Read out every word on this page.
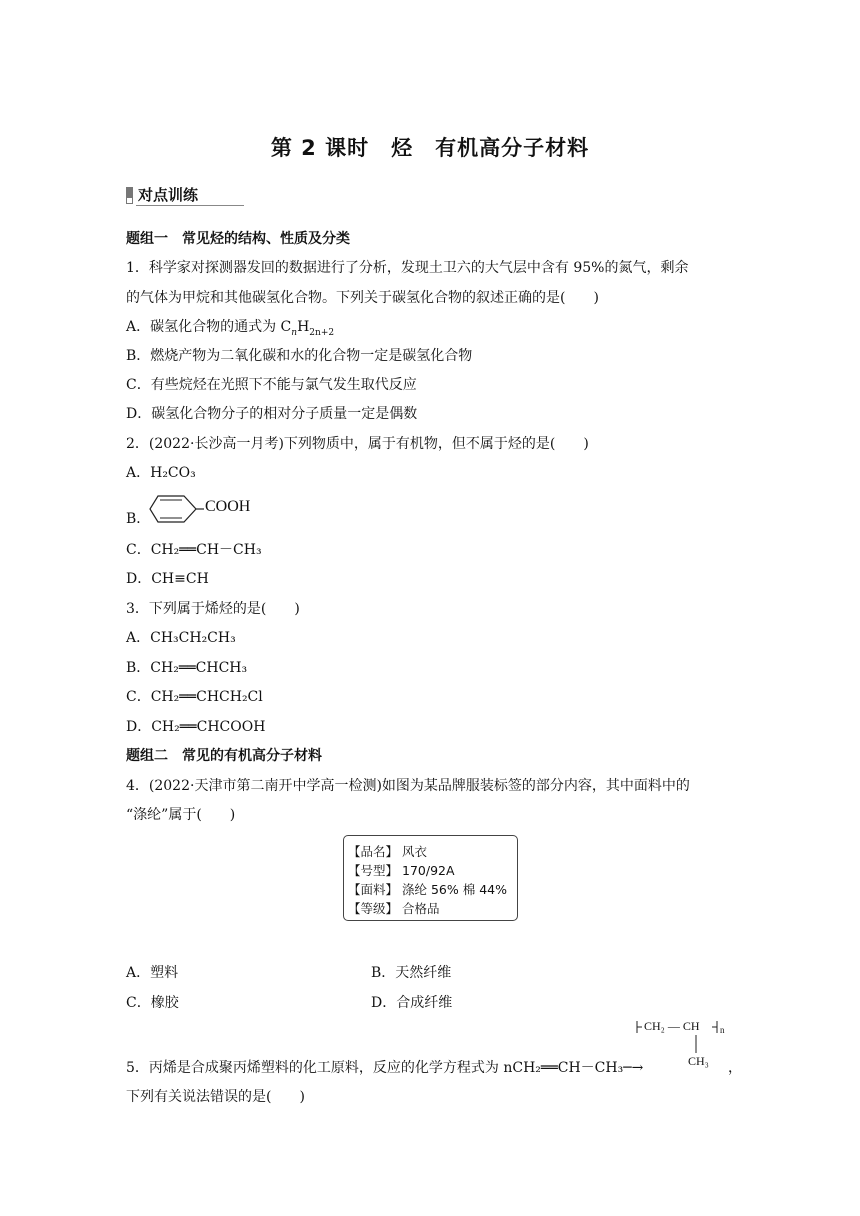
第 2 课时　烃　有机高分子材料
对点训练
题组一　常见烃的结构、性质及分类
1．科学家对探测器发回的数据进行了分析，发现土卫六的大气层中含有 95%的氮气，剩余
的气体为甲烷和其他碳氢化合物。下列关于碳氢化合物的叙述正确的是(　　)
A．碳氢化合物的通式为 $C_nH_{2n+2}$
B．燃烧产物为二氧化碳和水的化合物一定是碳氢化合物
C．有些烷烃在光照下不能与氯气发生取代反应
D．碳氢化合物分子的相对分子质量一定是偶数
2．(2022·长沙高一月考)下列物质中，属于有机物，但不属于烃的是(　　)
A．H₂CO₃
B．
COOH
C．CH₂══CH－CH₃
D．CH≡CH
3．下列属于烯烃的是(　　)
A．CH₃CH₂CH₃
B．CH₂══CHCH₃
C．CH₂══CHCH₂Cl
D．CH₂══CHCOOH
题组二　常见的有机高分子材料
4．(2022·天津市第二南开中学高一检测)如图为某品牌服装标签的部分内容，其中面料中的
“涤纶”属于(　　)
【品名】 风衣
【号型】 170/92A
【面料】 涤纶 56% 棉 44%
【等级】 合格品
A．塑料	B．天然纤维
C．橡胶	D．合成纤维
5．丙烯是合成聚丙烯塑料的化工原料，反应的化学方程式为 nCH₂══CH－CH₃─→
CH₂ — CH n
CH₃ ，
下列有关说法错误的是(　　)
